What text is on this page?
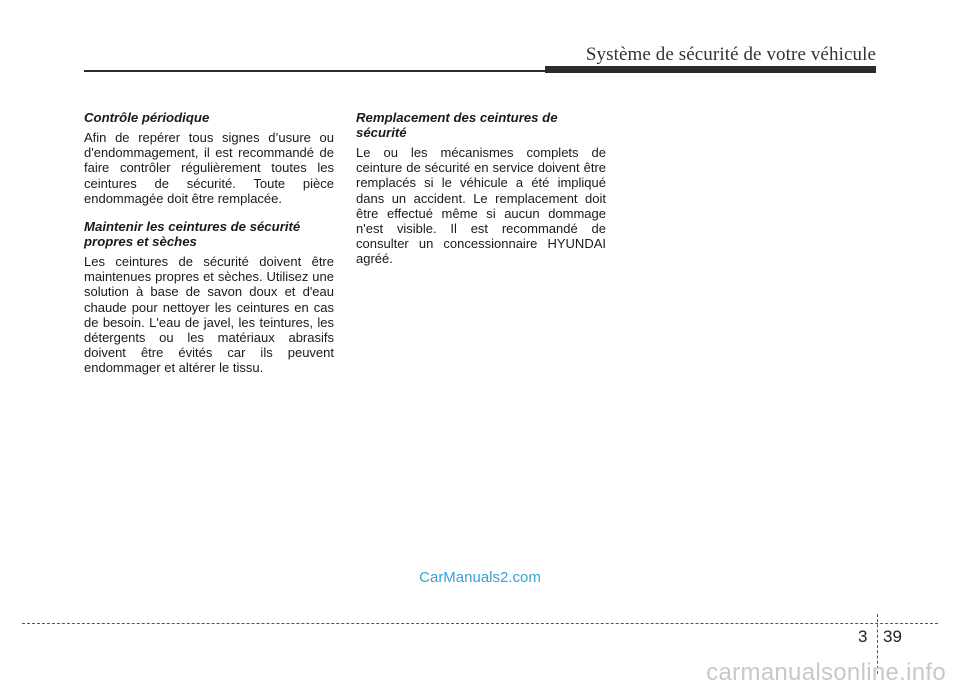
Système de sécurité de votre véhicule
Contrôle périodique
Afin de repérer tous signes d’usure ou d'endommagement, il est recommandé de faire contrôler régulièrement toutes les ceintures de sécurité. Toute pièce endommagée doit être remplacée.
Maintenir les ceintures de sécurité propres et sèches
Les ceintures de sécurité doivent être maintenues propres et sèches. Utilisez une solution à base de savon doux et d'eau chaude pour nettoyer les ceintures en cas de besoin. L'eau de javel, les teintures, les détergents ou les matériaux abrasifs doivent être évités car ils peuvent endommager et altérer le tissu.
Remplacement des ceintures de sécurité
Le ou les mécanismes complets de ceinture de sécurité en service doivent être remplacés si le véhicule a été impliqué dans un accident. Le remplacement doit être effectué même si aucun dommage n'est visible. Il est recommandé de consulter un concessionnaire HYUNDAI agréé.
CarManuals2.com
3 39
carmanualsonline.info
